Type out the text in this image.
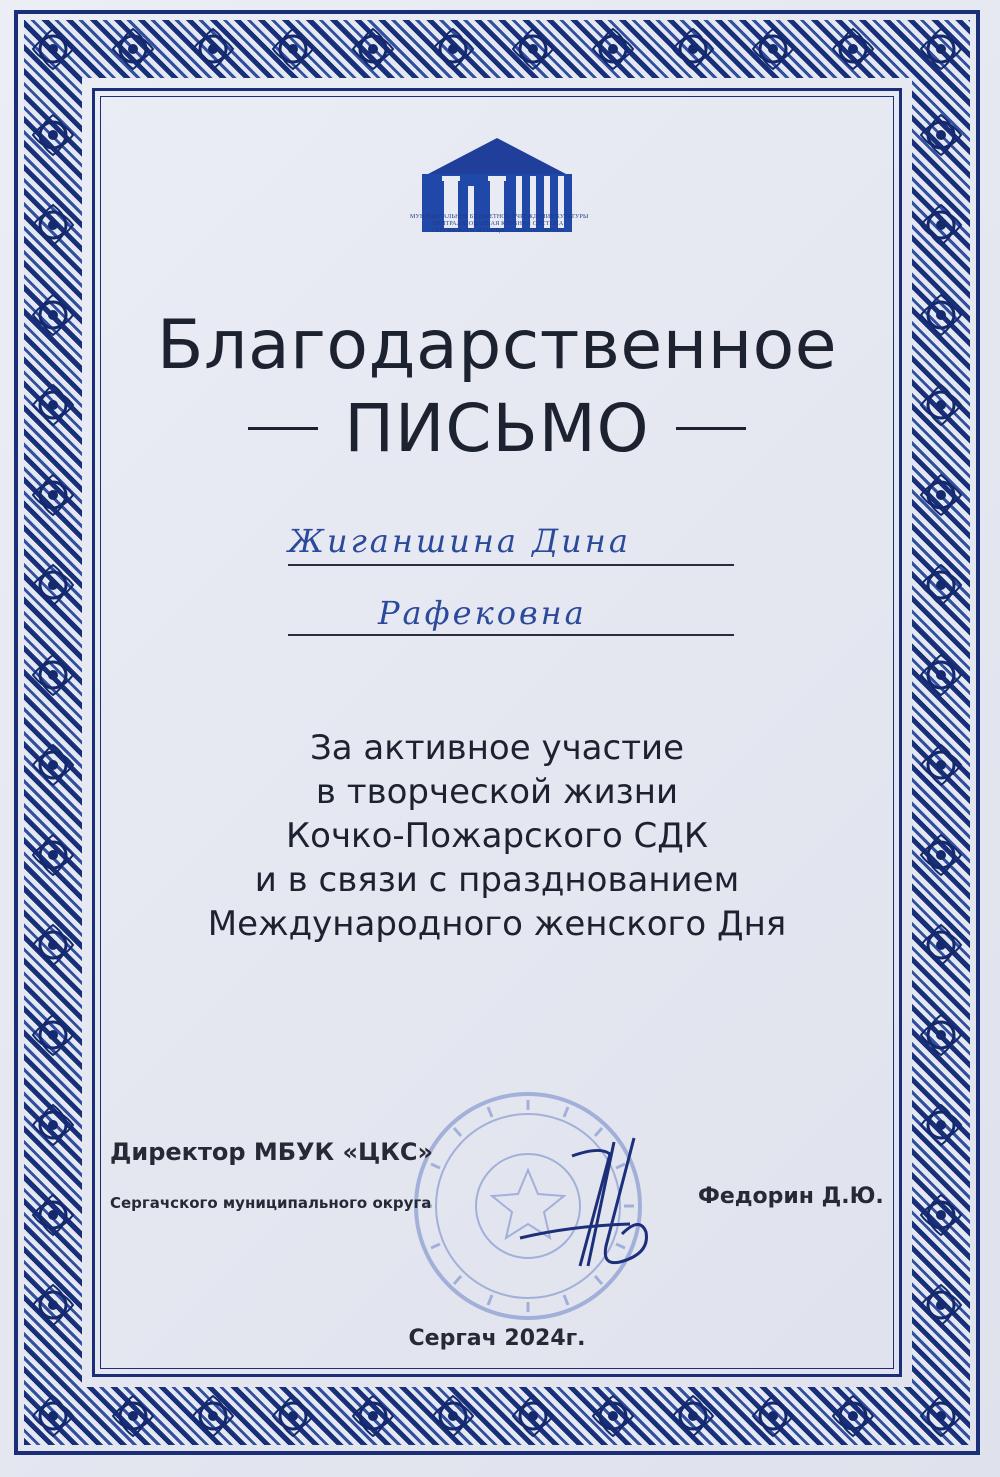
МУНИЦИПАЛЬНОЕ БЮДЖЕТНОЕ УЧРЕЖДЕНИЕ КУЛЬТУРЫ
ЦЕНТРАЛИЗОВАННАЯ КЛУБНАЯ СИСТЕМА
СЕРГАЧСКОГО МУНИЦИПАЛЬНОГО ОКРУГА
Благодарственное
ПИСЬМО
Жиганшина Дина
Рафековна
За активное участие
в творческой жизни
Кочко-Пожарского СДК
и в связи с празднованием
Международного женского Дня
Директор МБУК «ЦКС»
Сергачского муниципального округа	Федорин Д.Ю.
Сергач 2024г.
